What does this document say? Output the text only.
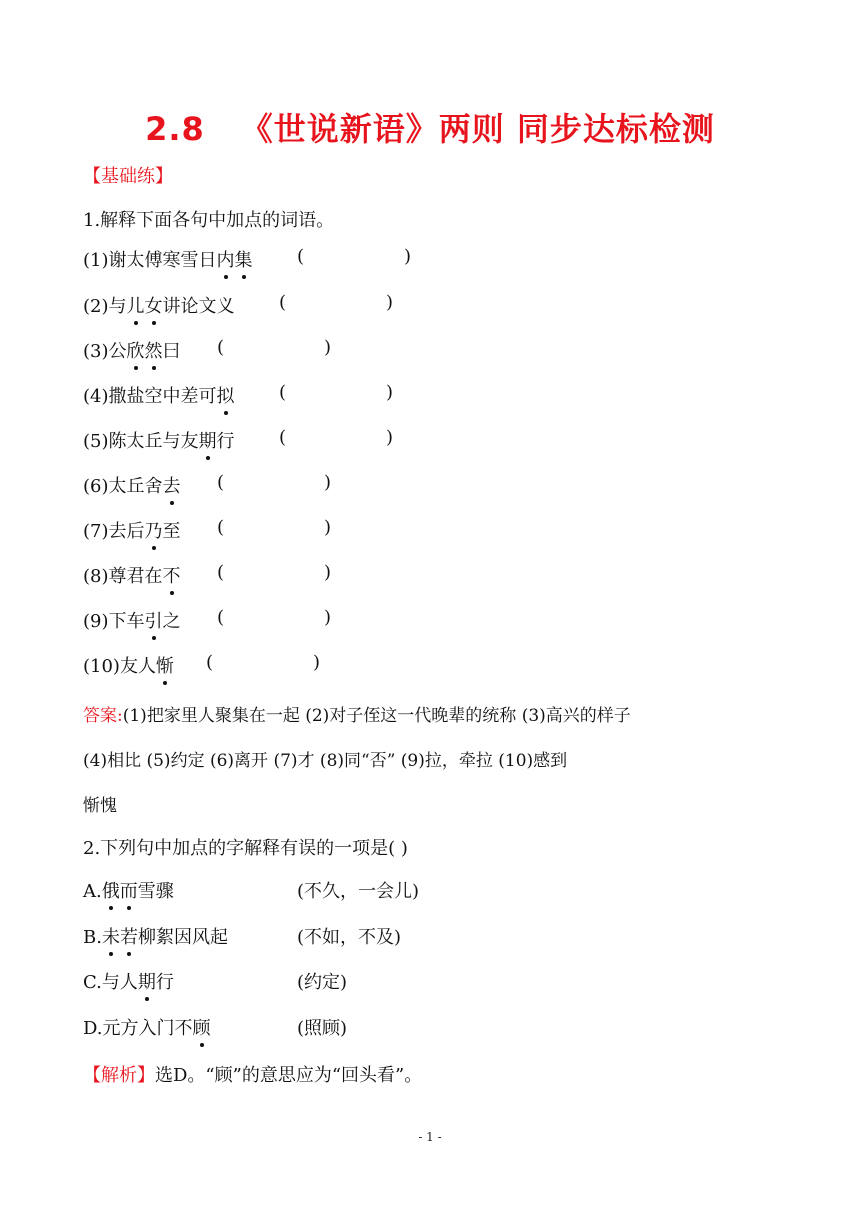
2.8 《世说新语》两则 同步达标检测
【基础练】
1.解释下面各句中加点的词语。
(1)谢太傅寒雪日内集 (	)
(2)与儿女讲论文义 (	)
(3)公欣然曰 (	)
(4)撒盐空中差可拟 (	)
(5)陈太丘与友期行 (	)
(6)太丘舍去 (	)
(7)去后乃至 (	)
(8)尊君在不 (	)
(9)下车引之 (	)
(10)友人惭 (	)
答案:(1)把家里人聚集在一起 (2)对子侄这一代晚辈的统称 (3)高兴的样子
(4)相比 (5)约定 (6)离开 (7)才 (8)同“否” (9)拉，牵拉 (10)感到
惭愧
2.下列句中加点的字解释有误的一项是( )
A.俄而雪骤	(不久，一会儿)
B.未若柳絮因风起	(不如，不及)
C.与人期行	(约定)
D.元方入门不顾	(照顾)
【解析】选D。“顾”的意思应为“回头看”。
- 1 -
